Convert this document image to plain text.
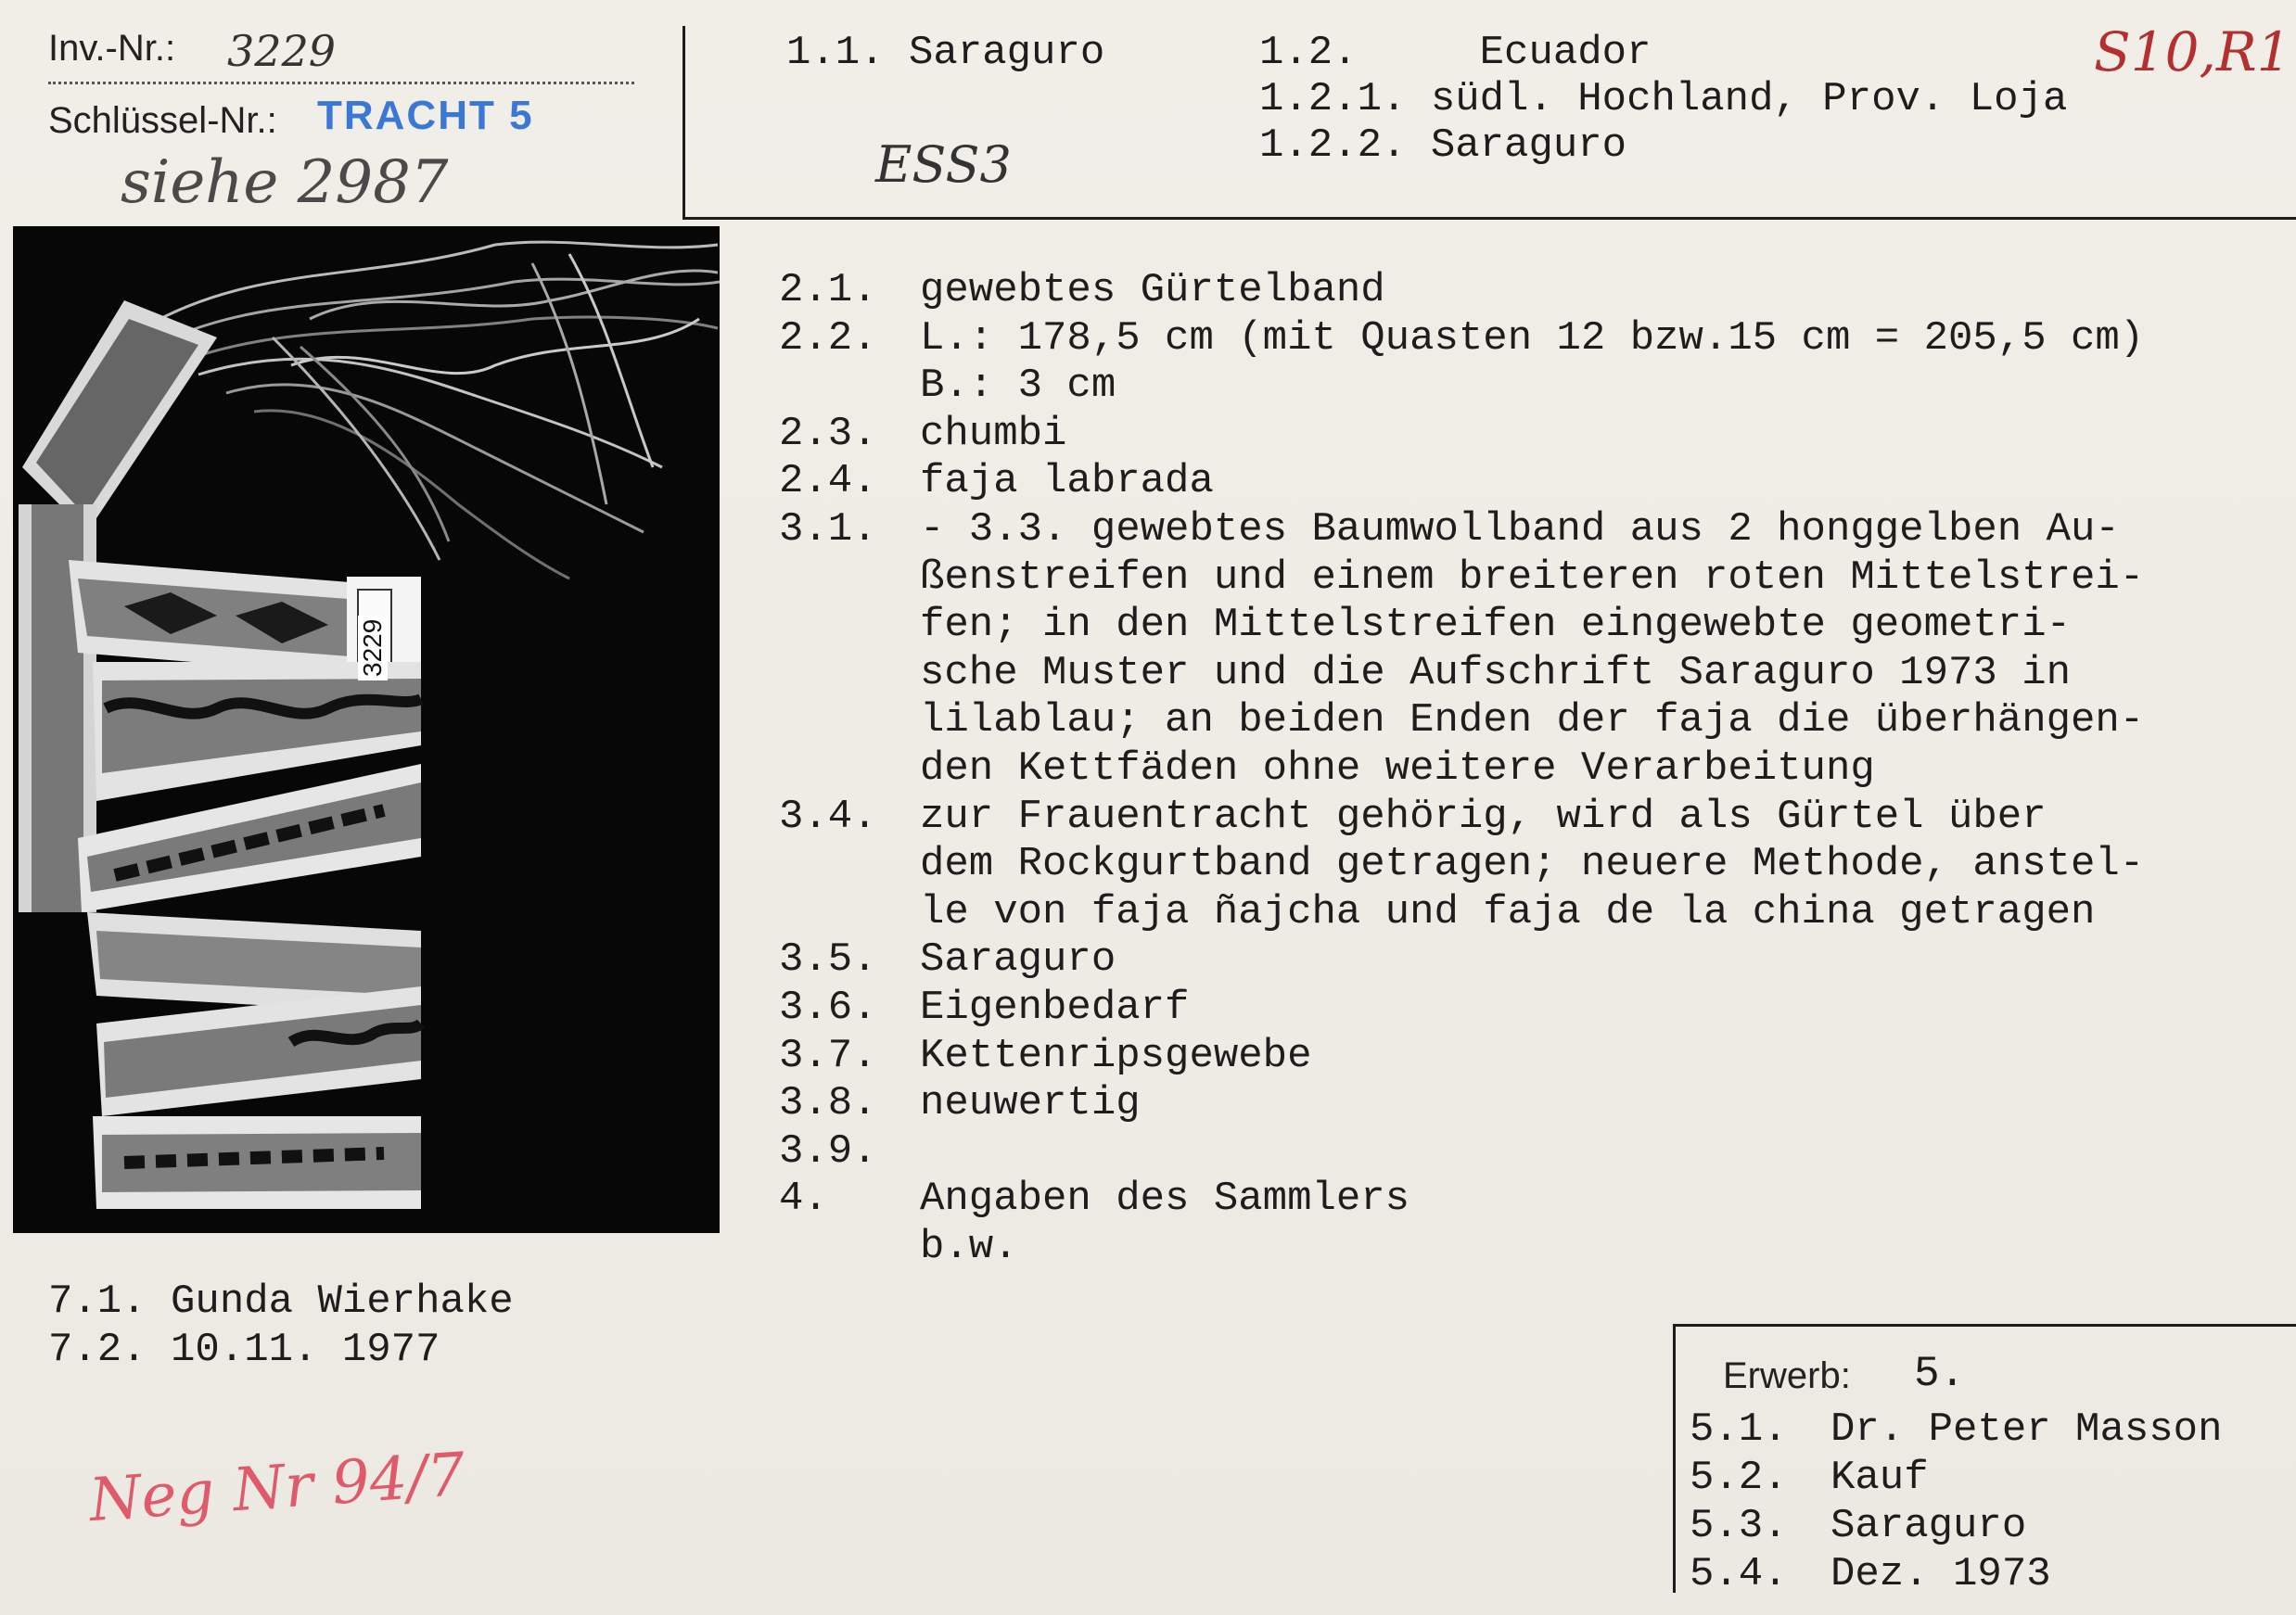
Inv.-Nr.: 3229
Schlüssel-Nr.: TRACHT 5
siehe 2987
1.1. Saraguro	1.2.     Ecuador
1.2.1. südl. Hochland, Prov. Loja
1.2.2. Saraguro
ESS3
S10,R1
3229
2.1.	gewebtes Gürtelband
2.2.	L.: 178,5 cm (mit Quasten 12 bzw.15 cm = 205,5 cm)
B.: 3 cm
2.3.	chumbi
2.4.	faja labrada
3.1.	- 3.3. gewebtes Baumwollband aus 2 honggelben Au-
ßenstreifen und einem breiteren roten Mittelstrei-
fen; in den Mittelstreifen eingewebte geometri-
sche Muster und die Aufschrift Saraguro 1973 in
lilablau; an beiden Enden der faja die überhängen-
den Kettfäden ohne weitere Verarbeitung
3.4.	zur Frauentracht gehörig, wird als Gürtel über
dem Rockgurtband getragen; neuere Methode, anstel-
le von faja ñajcha und faja de la china getragen
3.5.	Saraguro
3.6.	Eigenbedarf
3.7.	Kettenripsgewebe
3.8.	neuwertig
3.9.
4.	Angaben des Sammlers
b.w.
7.1. Gunda Wierhake
7.2. 10.11. 1977
Neg Nr 94/7
Erwerb: 5.
5.1.	Dr. Peter Masson
5.2.	Kauf
5.3.	Saraguro
5.4.	Dez. 1973
